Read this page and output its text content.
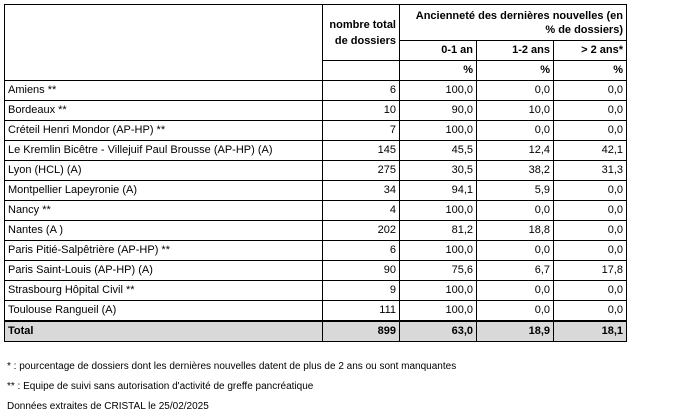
	nombre total de dossiers	Ancienneté des dernières nouvelles (en % de dossiers)		
		0-1 an	1-2 ans	> 2 ans*
		%	%	%
Amiens **	6	100,0	0,0	0,0
Bordeaux **	10	90,0	10,0	0,0
Créteil Henri Mondor (AP-HP) **	7	100,0	0,0	0,0
Le Kremlin Bicêtre - Villejuif Paul Brousse (AP-HP) (A)	145	45,5	12,4	42,1
Lyon (HCL) (A)	275	30,5	38,2	31,3
Montpellier Lapeyronie (A)	34	94,1	5,9	0,0
Nancy **	4	100,0	0,0	0,0
Nantes (A )	202	81,2	18,8	0,0
Paris Pitié-Salpêtrière (AP-HP) **	6	100,0	0,0	0,0
Paris Saint-Louis (AP-HP) (A)	90	75,6	6,7	17,8
Strasbourg Hôpital Civil **	9	100,0	0,0	0,0
Toulouse Rangueil (A)	111	100,0	0,0	0,0
Total	899	63,0	18,9	18,1
* : pourcentage de dossiers dont les dernières nouvelles datent de plus de 2 ans ou sont manquantes
** : Equipe de suivi sans autorisation d'activité de greffe pancréatique
Données extraites de CRISTAL le 25/02/2025
